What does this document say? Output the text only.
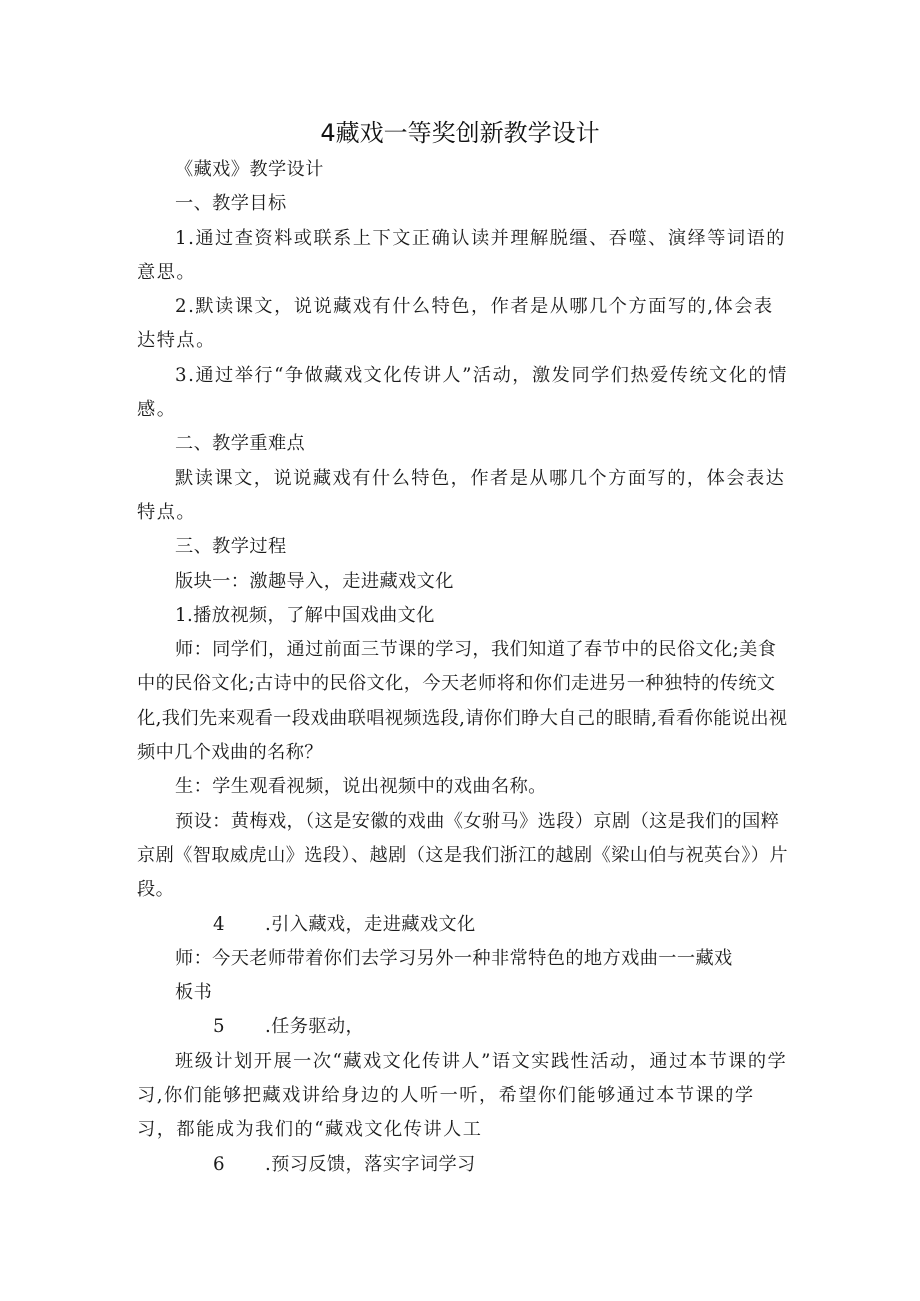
4藏戏一等奖创新教学设计

《藏戏》教学设计

一、教学目标

1.通过查资料或联系上下文正确认读并理解脱缰、吞噬、演绎等词语的意思。

2.默读课文，说说藏戏有什么特色，作者是从哪几个方面写的,体会表达特点。

3.通过举行“争做藏戏文化传讲人”活动，激发同学们热爱传统文化的情感。

二、教学重难点

默读课文，说说藏戏有什么特色，作者是从哪几个方面写的，体会表达特点。

三、教学过程

版块一：激趣导入，走进藏戏文化

1.播放视频，了解中国戏曲文化

师：同学们，通过前面三节课的学习，我们知道了春节中的民俗文化;美食中的民俗文化;古诗中的民俗文化，今天老师将和你们走进另一种独特的传统文化,我们先来观看一段戏曲联唱视频选段,请你们睁大自己的眼睛,看看你能说出视频中几个戏曲的名称？

生：学生观看视频，说出视频中的戏曲名称。

预设：黄梅戏，（这是安徽的戏曲《女驸马》选段）京剧（这是我们的国粹京剧《智取威虎山》选段）、越剧（这是我们浙江的越剧《梁山伯与祝英台》）片段。

4 .引入藏戏，走进藏戏文化

师：今天老师带着你们去学习另外一种非常特色的地方戏曲一一藏戏

板书

5 .任务驱动，

班级计划开展一次“藏戏文化传讲人”语文实践性活动，通过本节课的学习,你们能够把藏戏讲给身边的人听一听，希望你们能够通过本节课的学习，都能成为我们的“藏戏文化传讲人工

6 .预习反馈，落实字词学习
